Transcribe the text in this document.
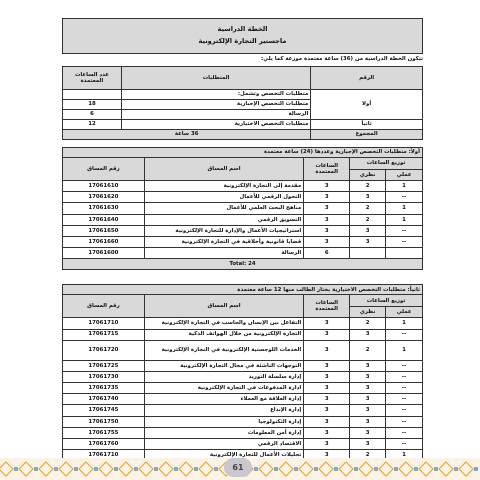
الخطة الدراسية
ماجستير التجارة الإلكترونية
تتكون الخطة الدراسية من (36) ساعة معتمدة موزعة كما يلي:
الرقم	المتطلبات	عدد الساعات المعتمدة
أولا	متطلبات التخصص وتشمل:	
	متطلبات التخصص الإجبارية	18
	الرسالة	6
ثانياً	متطلبات التخصص الاختيارية	12
المجموع	36 ساعة	
أولاً: متطلبات التخصص الإجبارية وعددها (24) ساعة معتمدة				
توزيع الساعات		الساعات المعتمدة	اسم المساق	رقم المساق
عملي	نظري			
1	2	3	مقدمة إلى التجارة الإلكترونية	17061610
--	3	3	التحول الرقمي للأعمال	17061620
1	2	3	مناهج البحث العلمي للأعمال	17061630
1	2	3	التسويق الرقمي	17061640
--	3	3	استراتيجيات الأعمال والإدارة للتجارة الإلكترونية	17061650
--	3	3	قضايا قانونية وأخلاقية في التجارة الإلكترونية	17061660
		6	الرسالة	17061600
Total: 24				
ثانياً: متطلبات التخصص الاختيارية يختار الطالب منها 12 ساعة معتمدة				
توزيع الساعات		الساعات المعتمدة	اسم المساق	رقم المساق
عملي	نظري			
1	2	3	التفاعل بين الإنسان والحاسب في التجارة الإلكترونية	17061710
--	3	3	التجارة الإلكترونية من خلال الهواتف الذكية	17061715
1	2	3	الخدمات اللوجستية الإلكترونية في التجارة الإلكترونية	17061720
--	3	3	التوجهات الناشئة في مجال التجارة الإلكترونية	17061725
--	3	3	إدارة سلسلة التوريد	17061730
--	3	3	ادارة المدفوعات في التجارة الإلكترونية	17061735
--	3	3	إدارة العلاقة مع العملاء	17061740
--	3	3	إدارة الإبداع	17061745
--	3	3	إدارة التكنولوجيا	17061750
--	3	3	إدارة أمن المعلومات	17061755
--	3	3	الاقتصاد الرقمي	17061760
1	2	3	تحليلات الأعمال للتجارة الإلكترونية	17061710
61
